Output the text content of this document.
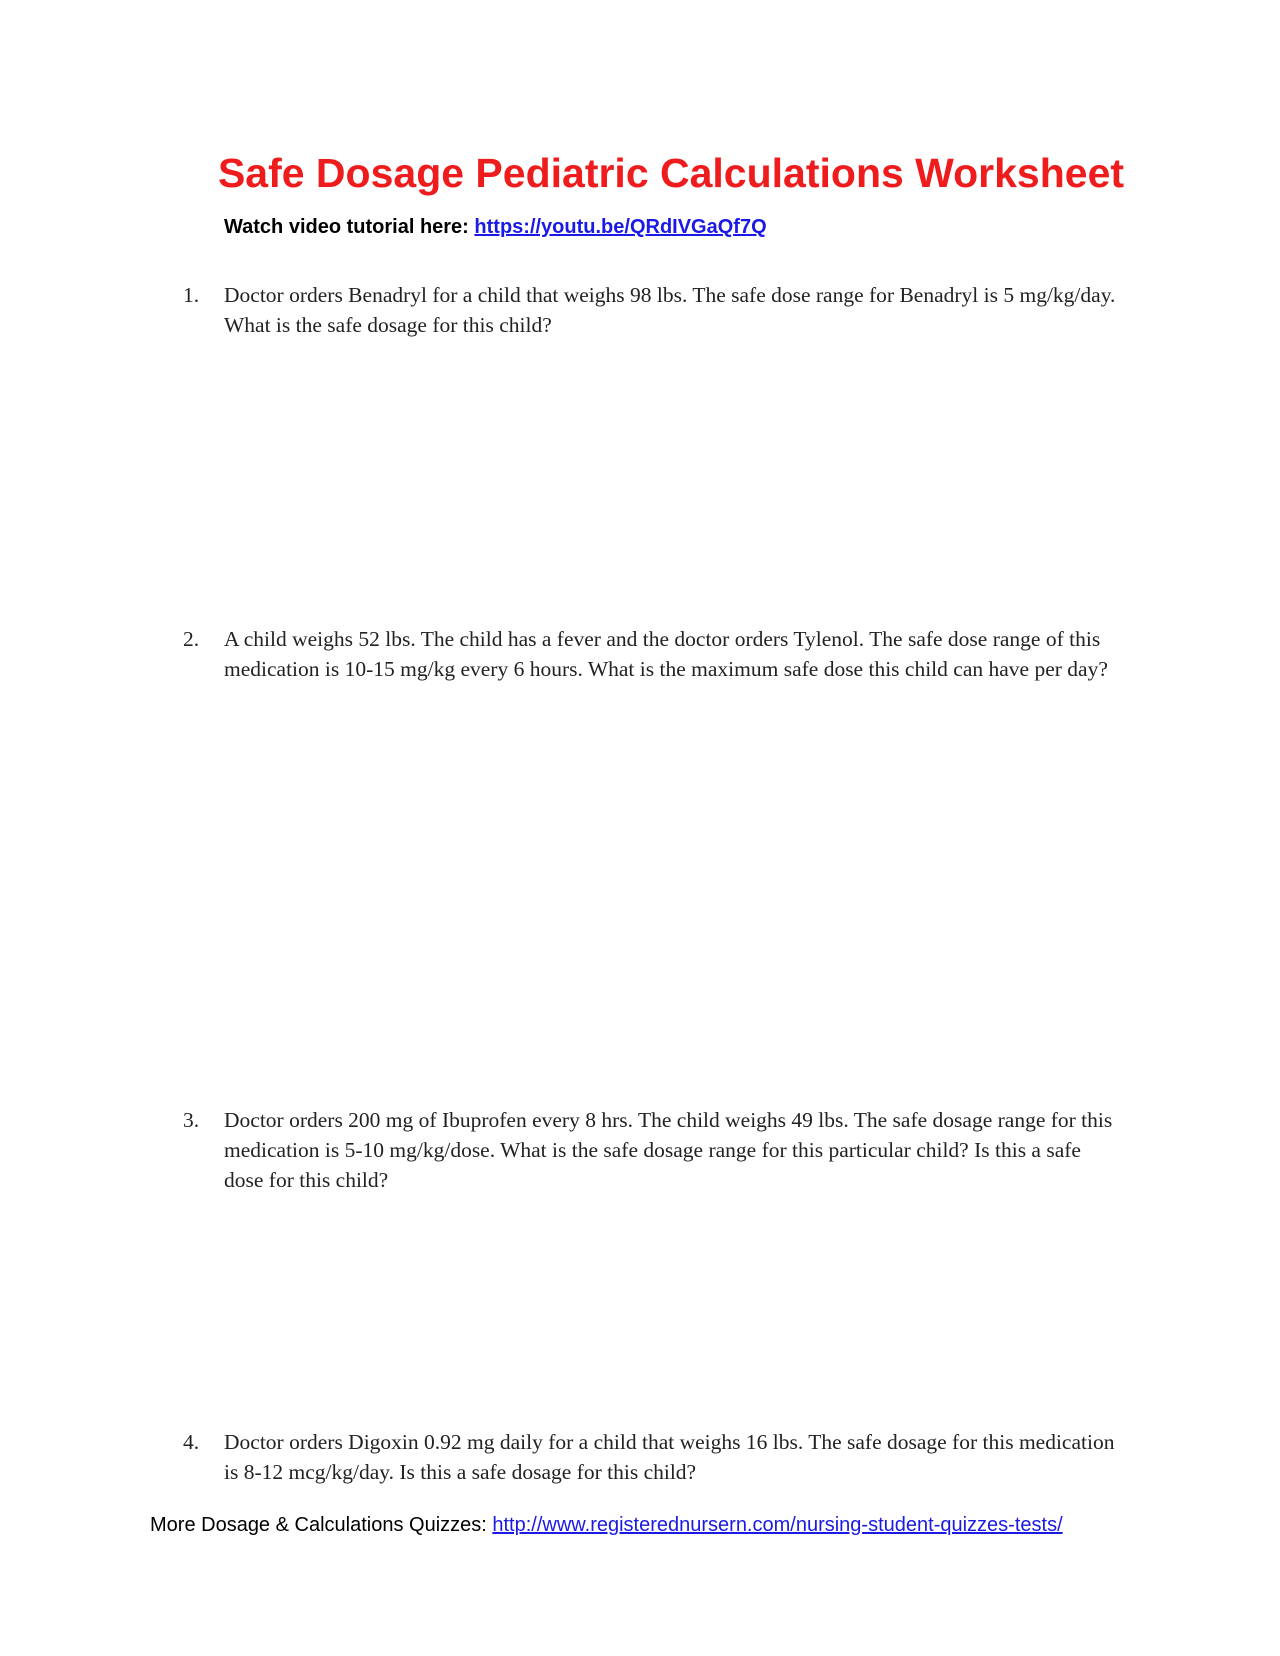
Safe Dosage Pediatric Calculations Worksheet
Watch video tutorial here: https://youtu.be/QRdIVGaQf7Q
1.	Doctor orders Benadryl for a child that weighs 98 lbs. The safe dose range for Benadryl is 5 mg/kg/day. What is the safe dosage for this child?
2.	A child weighs 52 lbs. The child has a fever and the doctor orders Tylenol. The safe dose range of this medication is 10-15 mg/kg every 6 hours. What is the maximum safe dose this child can have per day?
3.	Doctor orders 200 mg of Ibuprofen every 8 hrs. The child weighs 49 lbs. The safe dosage range for this medication is 5-10 mg/kg/dose. What is the safe dosage range for this particular child? Is this a safe dose for this child?
4.	Doctor orders Digoxin 0.92 mg daily for a child that weighs 16 lbs. The safe dosage for this medication is 8-12 mcg/kg/day. Is this a safe dosage for this child?
More Dosage & Calculations Quizzes: http://www.registerednursern.com/nursing-student-quizzes-tests/
